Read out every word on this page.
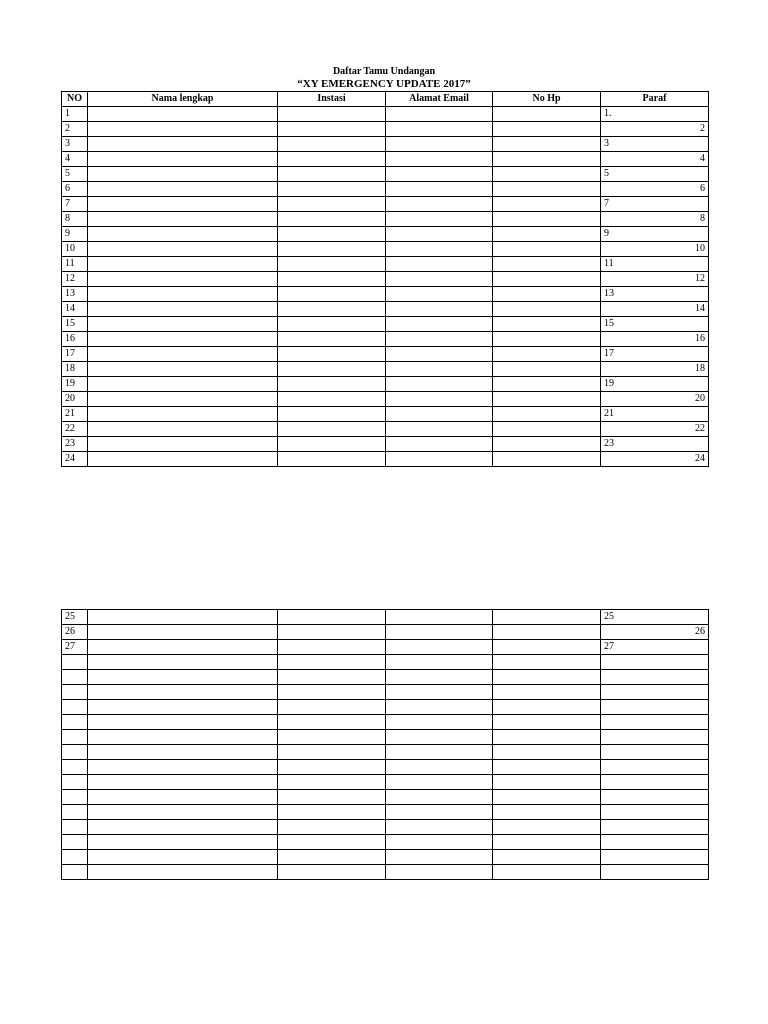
Daftar Tamu Undangan
“XY EMERGENCY UPDATE 2017”
NO	Nama lengkap	Instasi	Alamat Email	No Hp	Paraf
1					1.
2					2
3					3
4					4
5					5
6					6
7					7
8					8
9					9
10					10
11					11
12					12
13					13
14					14
15					15
16					16
17					17
18					18
19					19
20					20
21					21
22					22
23					23
24					24
25					25
26					26
27					27
